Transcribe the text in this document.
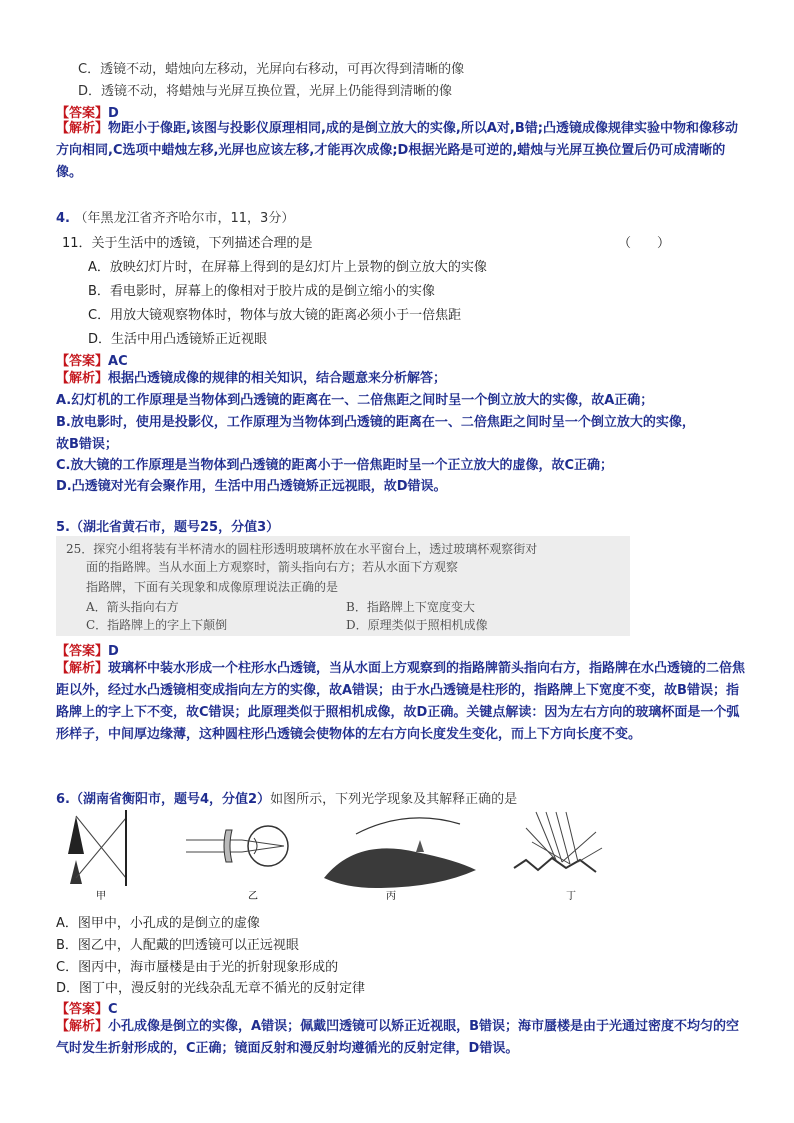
C．透镜不动，蜡烛向左移动，光屏向右移动，可再次得到清晰的像
D．透镜不动，将蜡烛与光屏互换位置，光屏上仍能得到清晰的像
【答案】D
【解析】物距小于像距,该图与投影仪原理相同,成的是倒立放大的实像,所以A对,B错;凸透镜成像规律实验中物和像移动方向相同,C选项中蜡烛左移,光屏也应该左移,才能再次成像;D根据光路是可逆的,蜡烛与光屏互换位置后仍可成清晰的像。
4. （年黑龙江省齐齐哈尔市，11，3分）
11．关于生活中的透镜，下列描述合理的是	（　　）
A．放映幻灯片时，在屏幕上得到的是幻灯片上景物的倒立放大的实像
B．看电影时，屏幕上的像相对于胶片成的是倒立缩小的实像
C．用放大镜观察物体时，物体与放大镜的距离必须小于一倍焦距
D．生活中用凸透镜矫正近视眼
【答案】AC
【解析】根据凸透镜成像的规律的相关知识，结合题意来分析解答；
A.幻灯机的工作原理是当物体到凸透镜的距离在一、二倍焦距之间时呈一个倒立放大的实像，故A正确；
B.放电影时，使用是投影仪，工作原理为当物体到凸透镜的距离在一、二倍焦距之间时呈一个倒立放大的实像，
故B错误；
C.放大镜的工作原理是当物体到凸透镜的距离小于一倍焦距时呈一个正立放大的虚像，故C正确；
D.凸透镜对光有会聚作用，生活中用凸透镜矫正远视眼，故D错误。
5.（湖北省黄石市，题号25，分值3）
25．探究小组将装有半杯清水的圆柱形透明玻璃杯放在水平窗台上，透过玻璃杯观察街对
面的指路牌。当从水面上方观察时，箭头指向右方；若从水面下方观察
指路牌，下面有关现象和成像原理说法正确的是
A．箭头指向右方	B．指路牌上下宽度变大
C．指路牌上的字上下颠倒	D．原理类似于照相机成像
【答案】D
【解析】玻璃杯中装水形成一个柱形水凸透镜，当从水面上方观察到的指路牌箭头指向右方，指路牌在水凸透镜的二倍焦距以外，经过水凸透镜相变成指向左方的实像，故A错误；由于水凸透镜是柱形的，指路牌上下宽度不变，故B错误；指路牌上的字上下不变，故C错误；此原理类似于照相机成像，故D正确。关键点解读：因为左右方向的玻璃杯面是一个弧形样子，中间厚边缘薄，这种圆柱形凸透镜会使物体的左右方向长度发生变化，而上下方向长度不变。
6.（湖南省衡阳市，题号4，分值2）如图所示，下列光学现象及其解释正确的是
甲	乙	丙	丁
A．图甲中，小孔成的是倒立的虚像
B．图乙中，人配戴的凹透镜可以正远视眼
C．图丙中，海市蜃楼是由于光的折射现象形成的
D．图丁中，漫反射的光线杂乱无章不循光的反射定律
【答案】C
【解析】小孔成像是倒立的实像，A错误；佩戴凹透镜可以矫正近视眼，B错误；海市蜃楼是由于光通过密度不均匀的空气时发生折射形成的，C正确；镜面反射和漫反射均遵循光的反射定律，D错误。
